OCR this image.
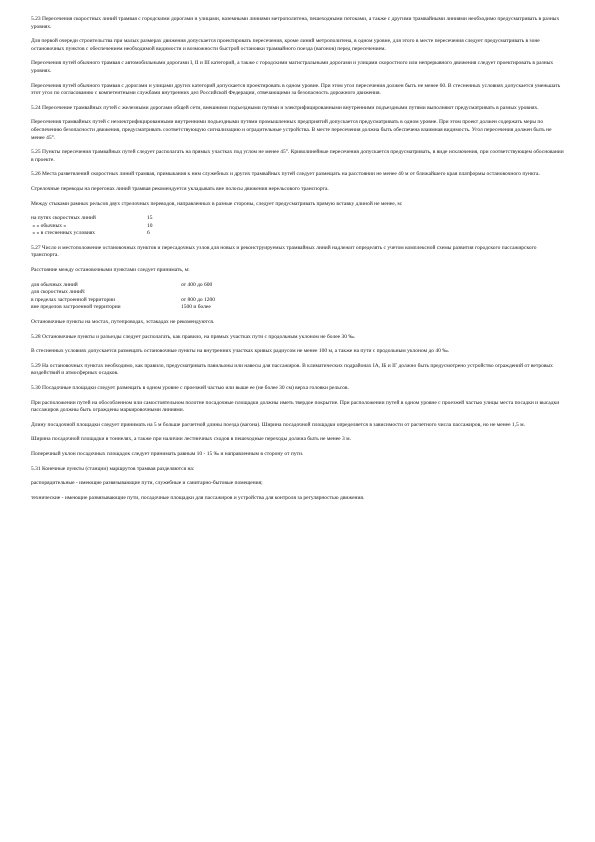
5.23 Пересечения скоростных линий трамвая с городскими дорогами и улицами, наземными линиями метрополитена, пешеходными потоками, а также с другими трамвайными линиями необходимо предусматривать в разных уровнях.

Для первой очереди строительства при малых размерах движения допускается проектировать пересечения, кроме линий метрополитена, в одном уровне, для этого в месте пересечения следует предусматривать в зоне остановочных пунктов с обеспечением необходимой видимости и возможности быстрой остановки трамвайного поезда (вагонов) перед пересечением.

Пересечения путей обычного трамвая с автомобильными дорогами I, II и III категорий, а также с городскими магистральными дорогами и улицами скоростного или непрерывного движения следует проектировать в разных уровнях.

Пересечения путей обычного трамвая с дорогами и улицами других категорий допускается проектировать в одном уровне. При этом угол пересечения должен быть не менее 60. В стесненных условиях допускается уменьшать этот угол по согласованию с компетентными службами внутренних дел Российской Федерации, отвечающими за безопасность дорожного движения.

5.24 Пересечение трамвайных путей с железными дорогами общей сети, внешними подъездными путями и электрифицированными внутренними подъездными путями выполняют предусматривать в разных уровнях.

Пересечения трамвайных путей с неэлектрифицированными внутренними подъездными путями промышленных предприятий допускается предусматривать в одном уровне. При этом проект должен содержать меры по обеспечению безопасности движения, предусматривать соответствующую сигнализацию и оградительные устройства. В месте пересечения должна быть обеспечена взаимная видимость. Угол пересечения должен быть не менее 45°.

5.25 Пункты пересечения трамвайных путей следует располагать на прямых участках под углом не менее 45°. Криволинейные пересечения допускается предусматривать, в виде исключения, при соответствующем обосновании в проекте.

5.26 Места разветвлений скоростных линий трамвая, примыкания к ним служебных и других трамвайных путей следует размещать на расстоянии не менее 40 м от ближайшего края платформы остановочного пункта.

Стрелочные переводы на перегонах линий трамвая рекомендуется укладывать вне полосы движения нерельсового транспорта.

Между стыками рамных рельсов двух стрелочных переводов, направленных в разные стороны, следует предусматривать прямую вставку длиной не менее, м:

на путях скоростных линий	15
» » обычных »	10
» » в стесненных условиях	6

5.27 Число и местоположение остановочных пунктов и пересадочных узлов для новых и реконструируемых трамвайных линий надлежит определять с учетом комплексной схемы развития городского пассажирского транспорта.

Расстояние между остановочными пунктами следует принимать, м:

для обычных линий	от 400 до 600
для скоростных линий:
в пределах застроенной территории	от 800 до 1200
вне пределов застроенной территории	1500 и более

Остановочные пункты на мостах, путепроводах, эстакадах не рекомендуются.

5.28 Остановочные пункты и разъезды следует располагать, как правило, на прямых участках пути с продольным уклоном не более 30 ‰.

В стесненных условиях допускается размещать остановочные пункты на внутренних участках кривых радиусом не менее 100 м, а также на пути с продольным уклоном до 40 ‰.

5.29 На остановочных пунктах необходимо, как правило, предусматривать павильоны или навесы для пассажиров. В климатических подрайонах IA, IБ и IГ должно быть предусмотрено устройство ограждений от ветровых воздействий и атмосферных осадков.

5.30 Посадочные площадки следует размещать в одном уровне с проезжей частью или выше ее (не более 30 см) верха головки рельсов.

При расположении путей на обособленном или самостоятельном полотне посадочные площадки должны иметь твердое покрытие. При расположении путей в одном уровне с проезжей частью улицы места посадки и высадки пассажиров должны быть ограждены маркировочными линиями.

Длину посадочной площадки следует принимать на 5 м больше расчетной длины поезда (вагона). Ширина посадочной площадки определяется в зависимости от расчетного числа пассажиров, но не менее 1,5 м.

Ширина посадочной площадки в тоннелях, а также при наличии лестничных сходов в пешеходные переходы должна быть не менее 3 м.

Поперечный уклон посадочных площадок следует принимать равным 10 - 15 ‰ и направленным в сторону от пути.

5.31 Конечные пункты (станции) маршрутов трамвая разделяются на:

распорядительные - имеющие развязывающие пути, служебные и санитарно-бытовые помещения;

технические - имеющие развязывающие пути, посадочные площадки для пассажиров и устройства для контроля за регулярностью движения.
